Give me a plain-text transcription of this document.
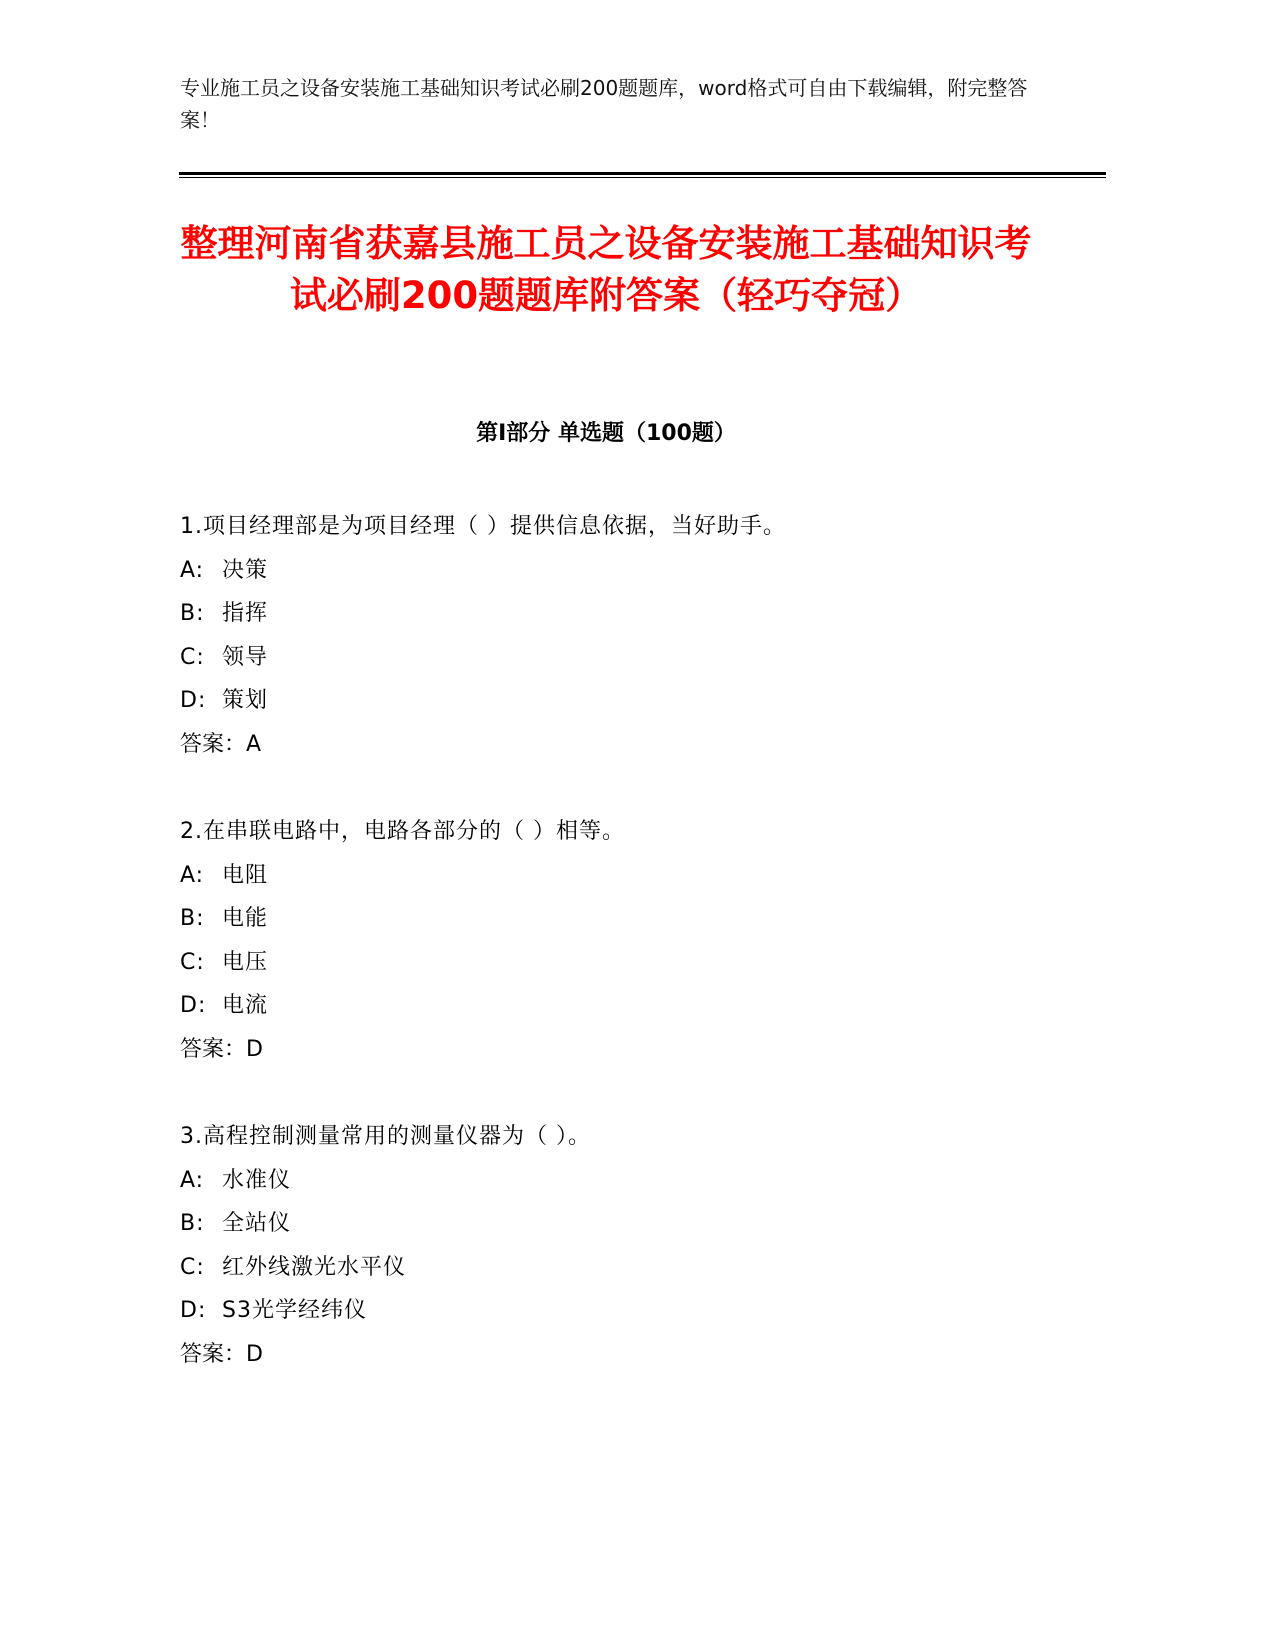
专业施工员之设备安装施工基础知识考试必刷200题题库，word格式可自由下载编辑，附完整答案！
整理河南省获嘉县施工员之设备安装施工基础知识考试必刷200题题库附答案（轻巧夺冠）
第I部分 单选题（100题）
1.项目经理部是为项目经理（ ）提供信息依据，当好助手。
A: 决策
B: 指挥
C: 领导
D: 策划
答案：A
2.在串联电路中，电路各部分的（ ）相等。
A: 电阻
B: 电能
C: 电压
D: 电流
答案：D
3.高程控制测量常用的测量仪器为（ ）。
A: 水准仪
B: 全站仪
C: 红外线激光水平仪
D: S3光学经纬仪
答案：D
